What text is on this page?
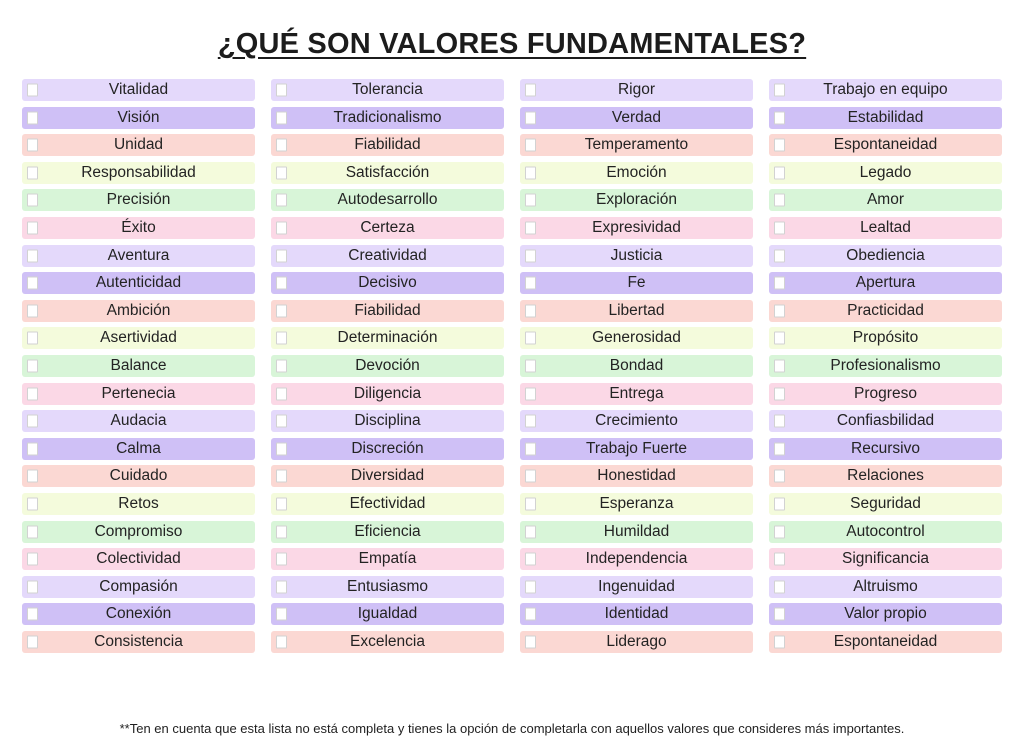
¿QUÉ SON VALORES FUNDAMENTALES?
Vitalidad
Visión
Unidad
Responsabilidad
Precisión
Éxito
Aventura
Autenticidad
Ambición
Asertividad
Balance
Pertenecia
Audacia
Calma
Cuidado
Retos
Compromiso
Colectividad
Compasión
Conexión
Consistencia
Tolerancia
Tradicionalismo
Fiabilidad
Satisfacción
Autodesarrollo
Certeza
Creatividad
Decisivo
Fiabilidad
Determinación
Devoción
Diligencia
Disciplina
Discreción
Diversidad
Efectividad
Eficiencia
Empatía
Entusiasmo
Igualdad
Excelencia
Rigor
Verdad
Temperamento
Emoción
Exploración
Expresividad
Justicia
Fe
Libertad
Generosidad
Bondad
Entrega
Crecimiento
Trabajo Fuerte
Honestidad
Esperanza
Humildad
Independencia
Ingenuidad
Identidad
Liderago
Trabajo en equipo
Estabilidad
Espontaneidad
Legado
Amor
Lealtad
Obediencia
Apertura
Practicidad
Propósito
Profesionalismo
Progreso
Confiasbilidad
Recursivo
Relaciones
Seguridad
Autocontrol
Significancia
Altruismo
Valor propio
Espontaneidad
**Ten en cuenta que esta lista no está completa y tienes la opción de completarla con aquellos valores que consideres más importantes.
